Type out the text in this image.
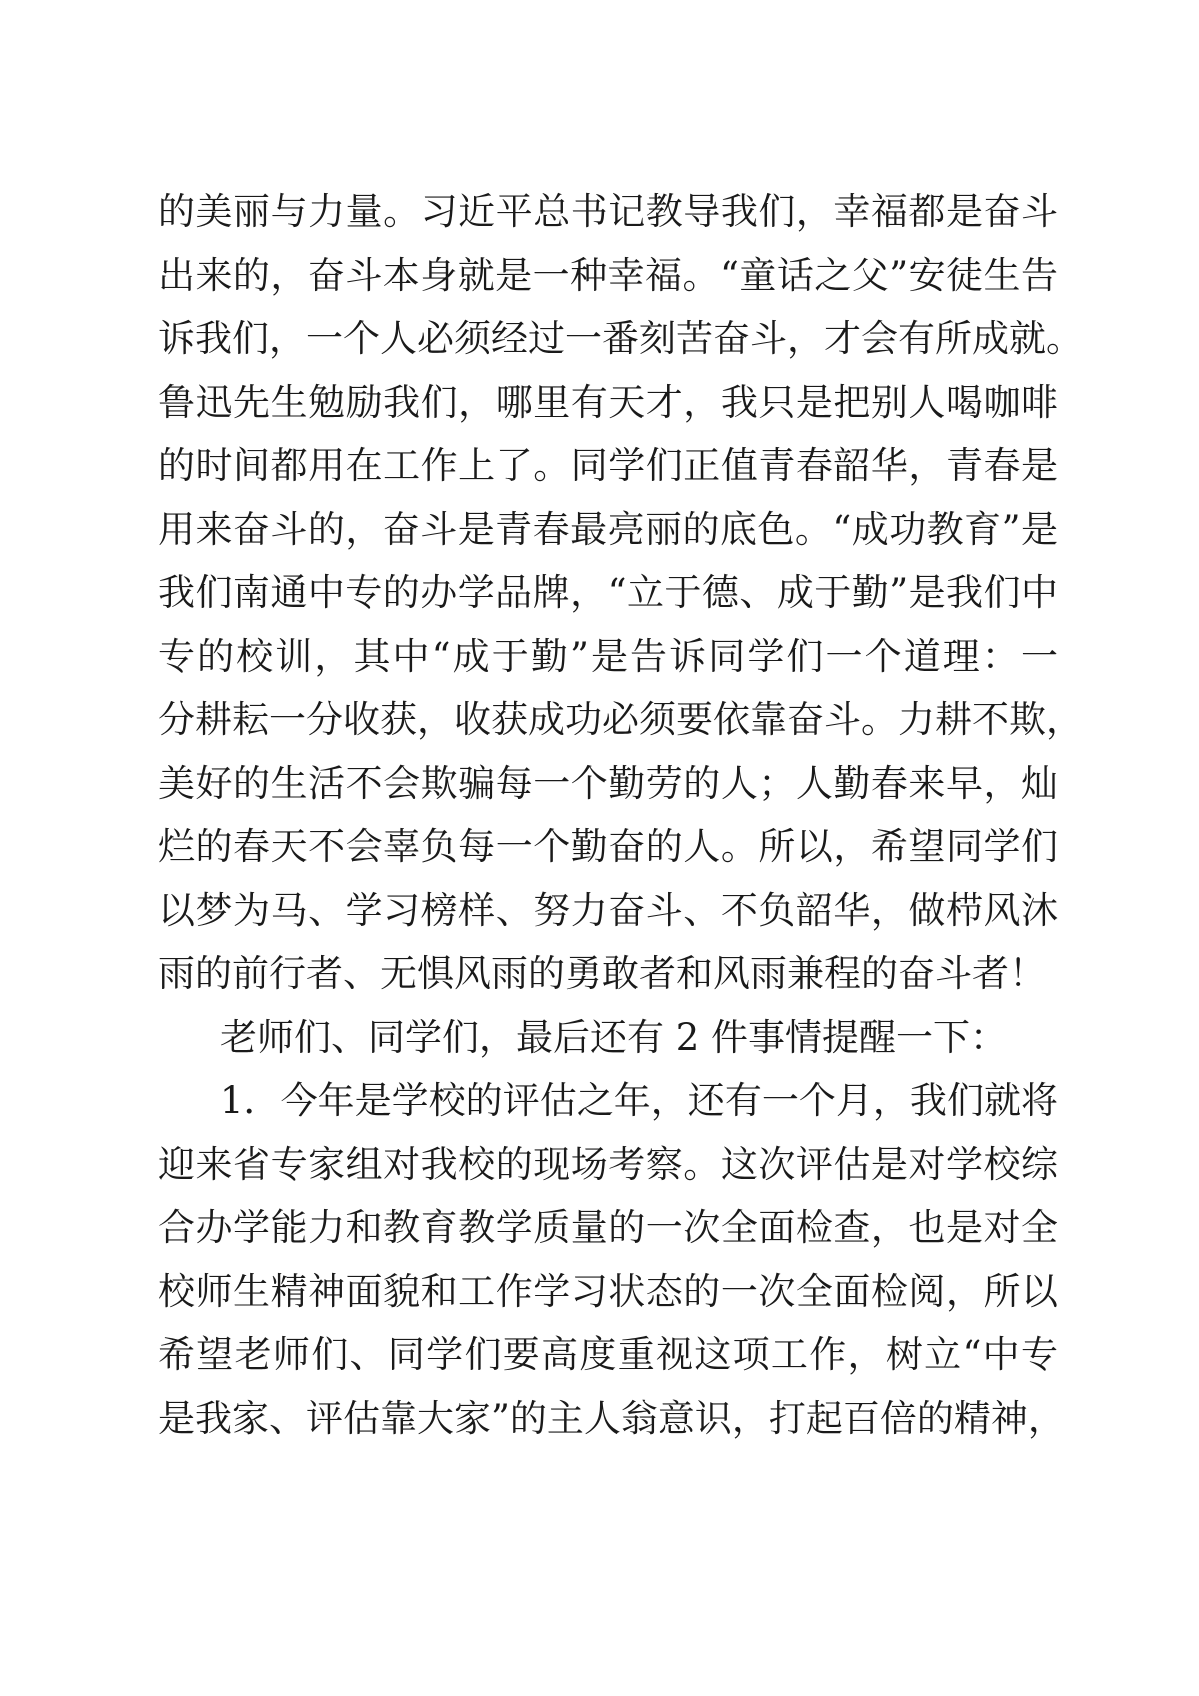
的美丽与力量。习近平总书记教导我们，幸福都是奋斗
出来的，奋斗本身就是一种幸福。“童话之父”安徒生告
诉我们，一个人必须经过一番刻苦奋斗，才会有所成就。
鲁迅先生勉励我们，哪里有天才，我只是把别人喝咖啡
的时间都用在工作上了。同学们正值青春韶华，青春是
用来奋斗的，奋斗是青春最亮丽的底色。“成功教育”是
我们南通中专的办学品牌，“立于德、成于勤”是我们中
专的校训，其中“成于勤”是告诉同学们一个道理：一
分耕耘一分收获，收获成功必须要依靠奋斗。力耕不欺，
美好的生活不会欺骗每一个勤劳的人；人勤春来早，灿
烂的春天不会辜负每一个勤奋的人。所以，希望同学们
以梦为马、学习榜样、努力奋斗、不负韶华，做栉风沐
雨的前行者、无惧风雨的勇敢者和风雨兼程的奋斗者！
老师们、同学们，最后还有 2 件事情提醒一下：
1．今年是学校的评估之年，还有一个月，我们就将
迎来省专家组对我校的现场考察。这次评估是对学校综
合办学能力和教育教学质量的一次全面检查，也是对全
校师生精神面貌和工作学习状态的一次全面检阅，所以
希望老师们、同学们要高度重视这项工作，树立“中专
是我家、评估靠大家”的主人翁意识，打起百倍的精神，
